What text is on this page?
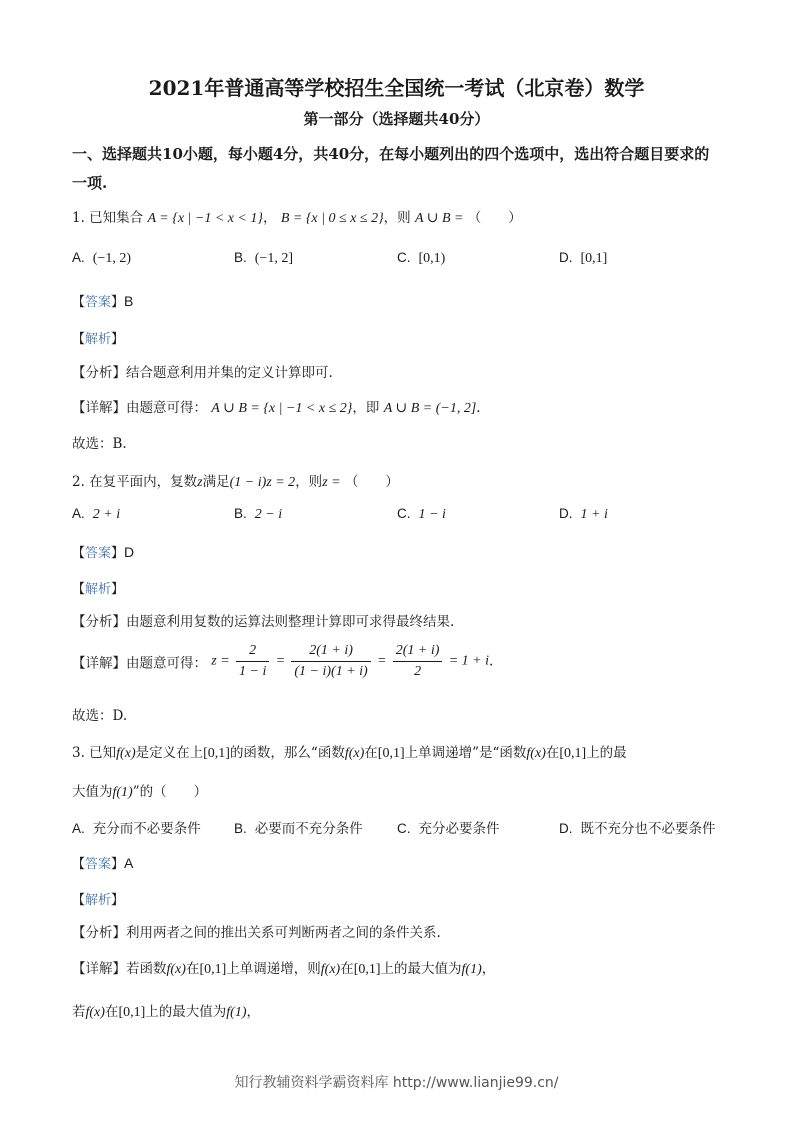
2021年普通高等学校招生全国统一考试（北京卷）数学
第一部分（选择题共40分）
一、选择题共10小题，每小题4分，共40分，在每小题列出的四个选项中，选出符合题目要求的一项.
1. 已知集合 A = {x | −1 < x < 1}， B = {x | 0 ≤ x ≤ 2}，则 A ∪ B = （　　）
A. (−1, 2)	B. (−1, 2]	C. [0,1)	D. [0,1]
【答案】B
【解析】
【分析】结合题意利用并集的定义计算即可.
【详解】由题意可得： A ∪ B = {x | −1 < x ≤ 2}，即 A ∪ B = (−1, 2].
故选：B.
2. 在复平面内，复数z满足(1 − i)z = 2，则z = （　　）
A. 2 + i	B. 2 − i	C. 1 − i	D. 1 + i
【答案】D
【解析】
【分析】由题意利用复数的运算法则整理计算即可求得最终结果.
【详解】由题意可得： $z = \frac{2}{1 - i} = \frac{2(1 + i)}{(1 - i)(1 + i)} = \frac{2(1 + i)}{2} = 1 + i$.
故选：D.
3. 已知f(x)是定义在上[0,1]的函数，那么“函数f(x)在[0,1]上单调递增”是“函数f(x)在[0,1]上的最
大值为f(1)”的（　　）
A. 充分而不必要条件 B. 必要而不充分条件	C. 充分必要条件	D. 既不充分也不必要条件
【答案】A
【解析】
【分析】利用两者之间的推出关系可判断两者之间的条件关系.
【详解】若函数f(x)在[0,1]上单调递增，则f(x)在[0,1]上的最大值为f(1)，
若f(x)在[0,1]上的最大值为f(1)，
知行教辅资料学霸资料库 http://www.lianjie99.cn/
